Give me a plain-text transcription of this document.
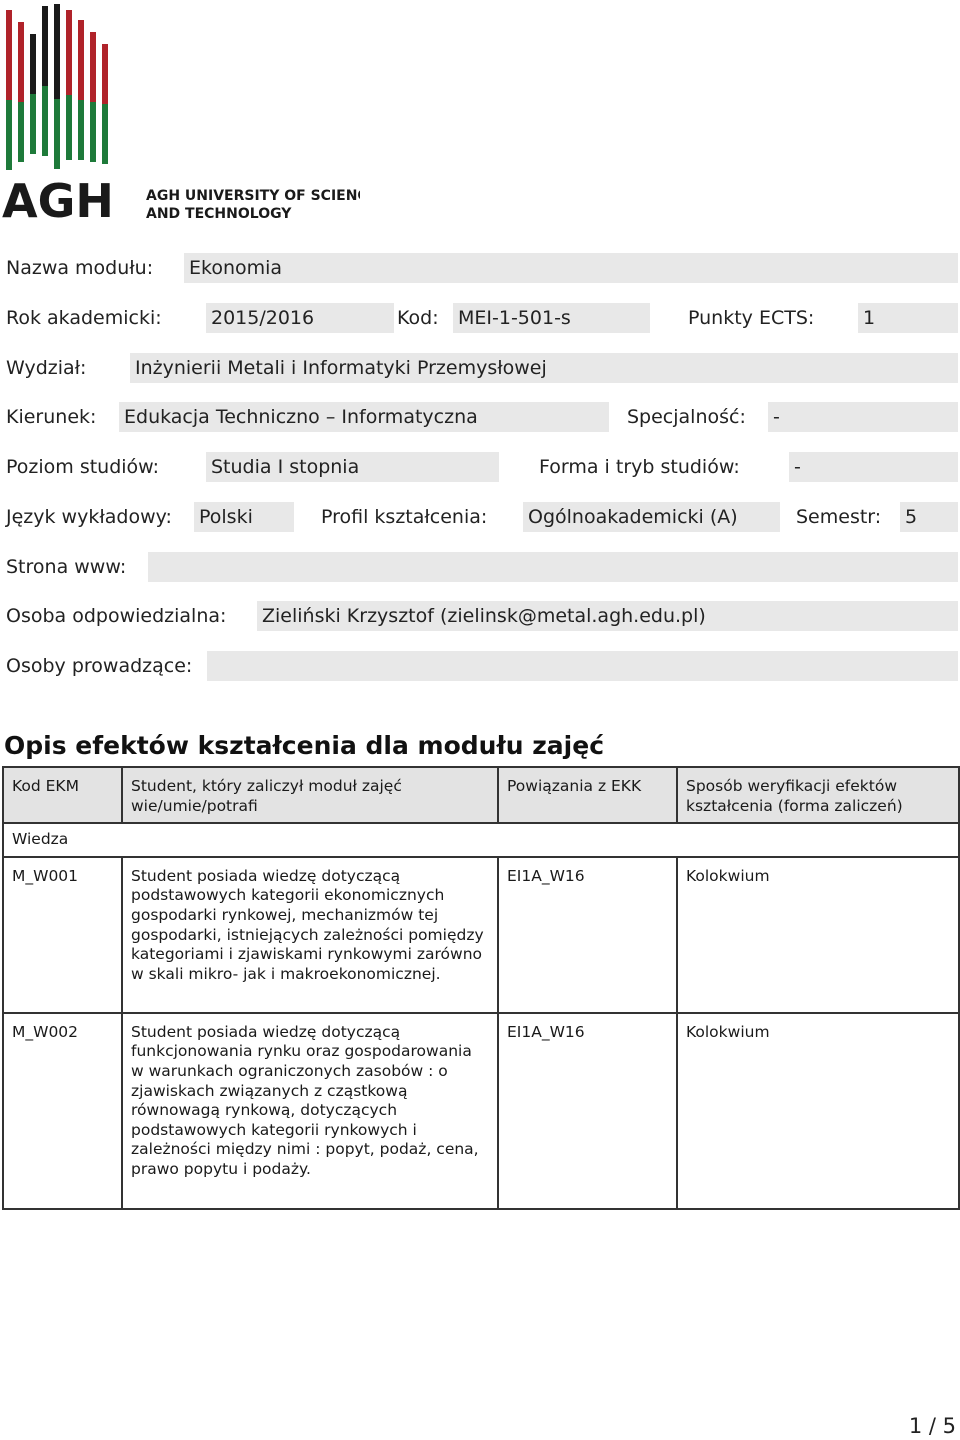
AGH AGH UNIVERSITY OF SCIENCE
AND TECHNOLOGY
Nazwa modułu: Ekonomia
Rok akademicki:	2015/2016	Kod: MEI-1-501-s	Punkty ECTS:	1
Wydział:	Inżynierii Metali i Informatyki Przemysłowej
Kierunek: Edukacja Techniczno – Informatyczna	Specjalność: -
Poziom studiów:	Studia I stopnia	Forma i tryb studiów:	-
Język wykładowy: Polski	Profil kształcenia: Ogólnoakademicki (A)	Semestr: 5
Strona www:
Osoba odpowiedzialna: Zieliński Krzysztof (zielinsk@metal.agh.edu.pl)
Osoby prowadzące:
Opis efektów kształcenia dla modułu zajęć
Kod EKM	Student, który zaliczył moduł zajęć wie/umie/potrafi	Powiązania z EKK	Sposób weryfikacji efektów kształcenia (forma zaliczeń)
Wiedza			
M_W001	Student posiada wiedzę dotyczącą podstawowych kategorii ekonomicznych gospodarki rynkowej, mechanizmów tej gospodarki, istniejących zależności pomiędzy kategoriami i zjawiskami rynkowymi zarówno w skali mikro- jak i makroekonomicznej.	EI1A_W16	Kolokwium
M_W002	Student posiada wiedzę dotyczącą funkcjonowania rynku oraz gospodarowania w warunkach ograniczonych zasobów : o zjawiskach związanych z cząstkową równowagą rynkową, dotyczących podstawowych kategorii rynkowych i zależności między nimi : popyt, podaż, cena, prawo popytu i podaży.	EI1A_W16	Kolokwium
1 / 5
